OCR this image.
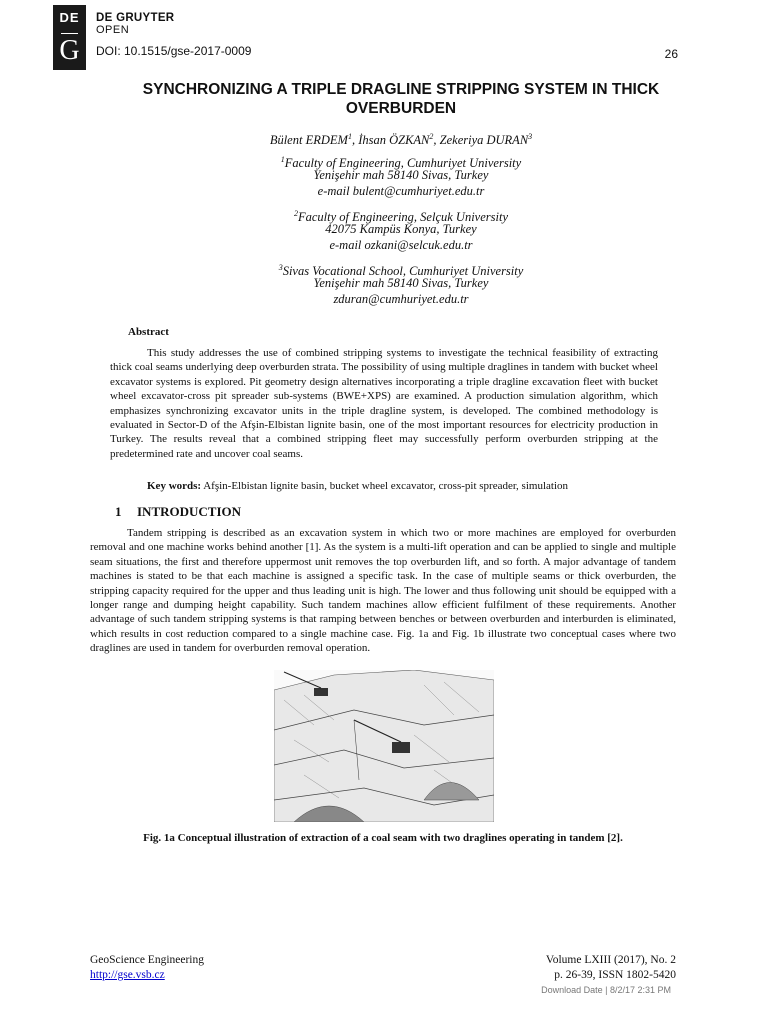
DE
G
DE GRUYTER
OPEN
DOI: 10.1515/gse-2017-0009	26
SYNCHRONIZING A TRIPLE DRAGLINE STRIPPING SYSTEM IN THICK OVERBURDEN
Bülent ERDEM$^1$, İhsan ÖZKAN$^2$, Zekeriya DURAN$^3$
$^1$Faculty of Engineering, Cumhuriyet University
Yenişehir mah 58140 Sivas, Turkey
e-mail bulent@cumhuriyet.edu.tr
$^2$Faculty of Engineering, Selçuk University
42075 Kampüs Konya, Turkey
e-mail ozkani@selcuk.edu.tr
$^3$Sivas Vocational School, Cumhuriyet University
Yenişehir mah 58140 Sivas, Turkey
zduran@cumhuriyet.edu.tr
Abstract

This study addresses the use of combined stripping systems to investigate the technical feasibility of extracting thick coal seams underlying deep overburden strata. The possibility of using multiple draglines in tandem with bucket wheel excavator systems is explored. Pit geometry design alternatives incorporating a triple dragline excavation fleet with bucket wheel excavator-cross pit spreader sub-systems (BWE+XPS) are examined. A production simulation algorithm, which emphasizes synchronizing excavator units in the triple dragline system, is developed. The combined methodology is evaluated in Sector-D of the Afşin-Elbistan lignite basin, one of the most important resources for electricity production in Turkey. The results reveal that a combined stripping fleet may successfully perform overburden stripping at the predetermined rate and uncover coal seams.

Key words: Afşin-Elbistan lignite basin, bucket wheel excavator, cross-pit spreader, simulation
1 INTRODUCTION

Tandem stripping is described as an excavation system in which two or more machines are employed for overburden removal and one machine works behind another [1]. As the system is a multi-lift operation and can be applied to single and multiple seam situations, the first and therefore uppermost unit removes the top overburden lift, and so forth. A major advantage of tandem machines is stated to be that each machine is assigned a specific task. In the case of multiple seams or thick overburden, the stripping capacity required for the upper and thus leading unit is high. The lower and thus following unit should be equipped with a longer range and dumping height capability. Such tandem machines allow efficient fulfilment of these requirements. Another advantage of such tandem stripping systems is that ramping between benches or between overburden and interburden is eliminated, which results in cost reduction compared to a single machine case. Fig. 1a and Fig. 1b illustrate two conceptual cases where two draglines are used in tandem for overburden removal operation.

Fig. 1a Conceptual illustration of extraction of a coal seam with two draglines operating in tandem [2].
GeoScience Engineering
http://gse.vsb.cz
Volume LXIII (2017), No. 2
p. 26-39, ISSN 1802-5420
Download Date | 8/2/17 2:31 PM
